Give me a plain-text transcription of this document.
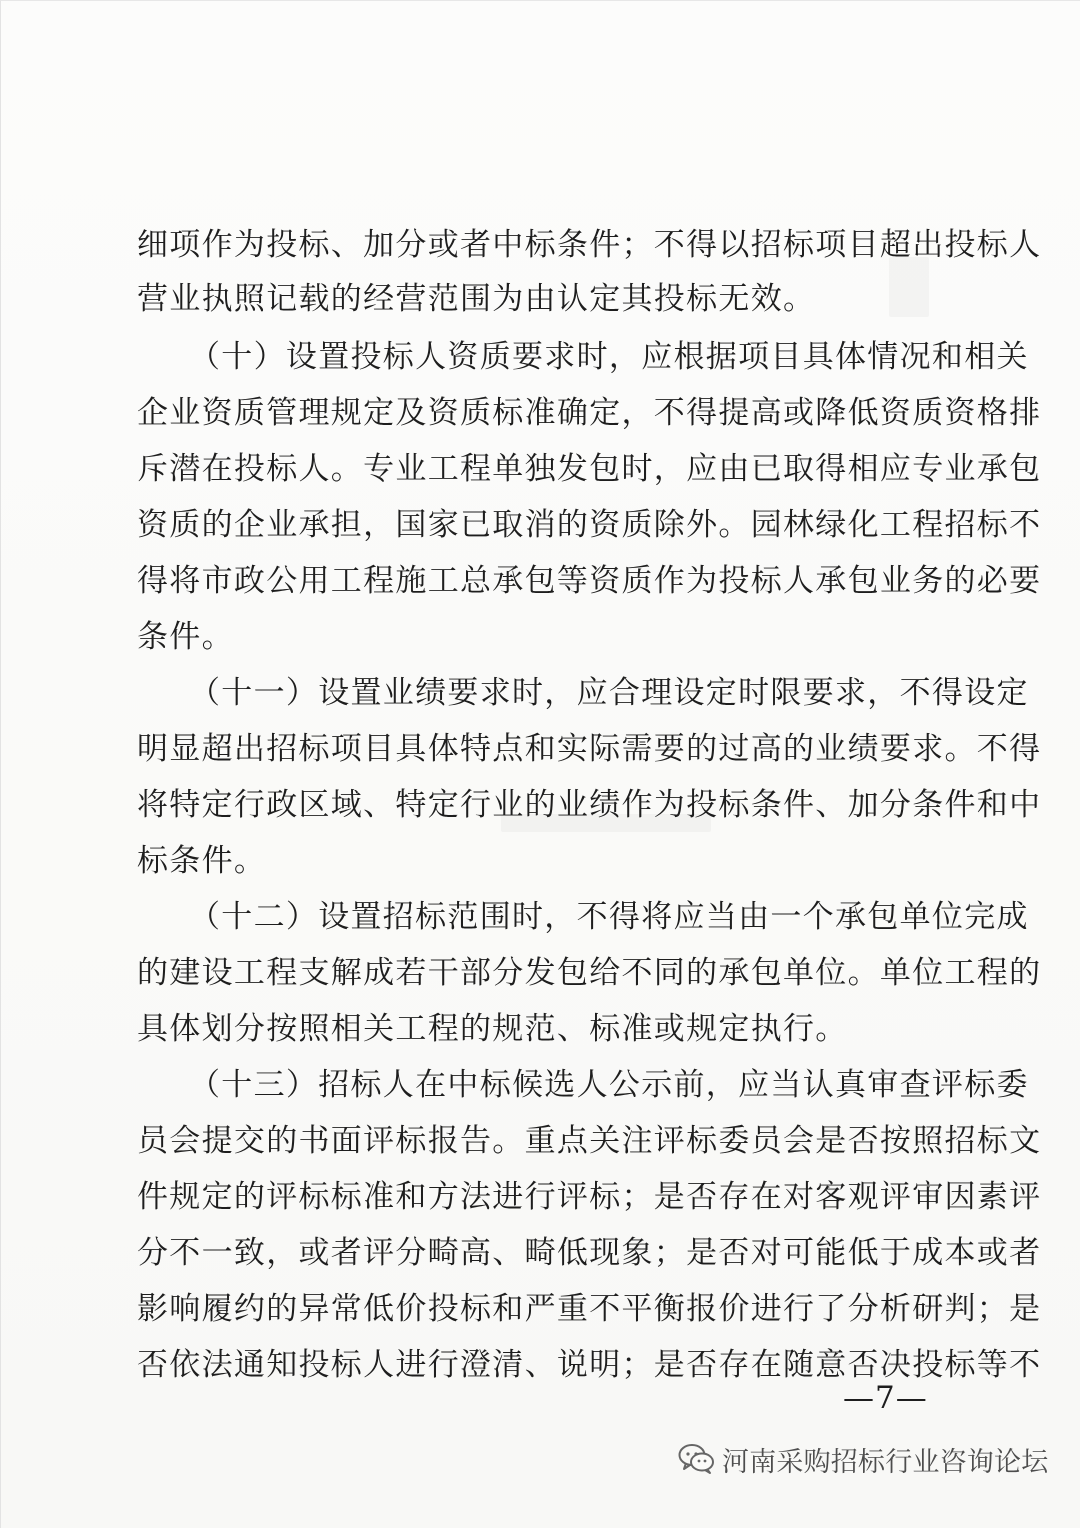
细项作为投标、加分或者中标条件；不得以招标项目超出投标人
营业执照记载的经营范围为由认定其投标无效。
（十）设置投标人资质要求时，应根据项目具体情况和相关
企业资质管理规定及资质标准确定，不得提高或降低资质资格排
斥潜在投标人。专业工程单独发包时，应由已取得相应专业承包
资质的企业承担，国家已取消的资质除外。园林绿化工程招标不
得将市政公用工程施工总承包等资质作为投标人承包业务的必要
条件。
（十一）设置业绩要求时，应合理设定时限要求，不得设定
明显超出招标项目具体特点和实际需要的过高的业绩要求。不得
将特定行政区域、特定行业的业绩作为投标条件、加分条件和中
标条件。
（十二）设置招标范围时，不得将应当由一个承包单位完成
的建设工程支解成若干部分发包给不同的承包单位。单位工程的
具体划分按照相关工程的规范、标准或规定执行。
（十三）招标人在中标候选人公示前，应当认真审查评标委
员会提交的书面评标报告。重点关注评标委员会是否按照招标文
件规定的评标标准和方法进行评标；是否存在对客观评审因素评
分不一致，或者评分畸高、畸低现象；是否对可能低于成本或者
影响履约的异常低价投标和严重不平衡报价进行了分析研判；是
否依法通知投标人进行澄清、说明；是否存在随意否决投标等不
—7—
河南采购招标行业咨询论坛
